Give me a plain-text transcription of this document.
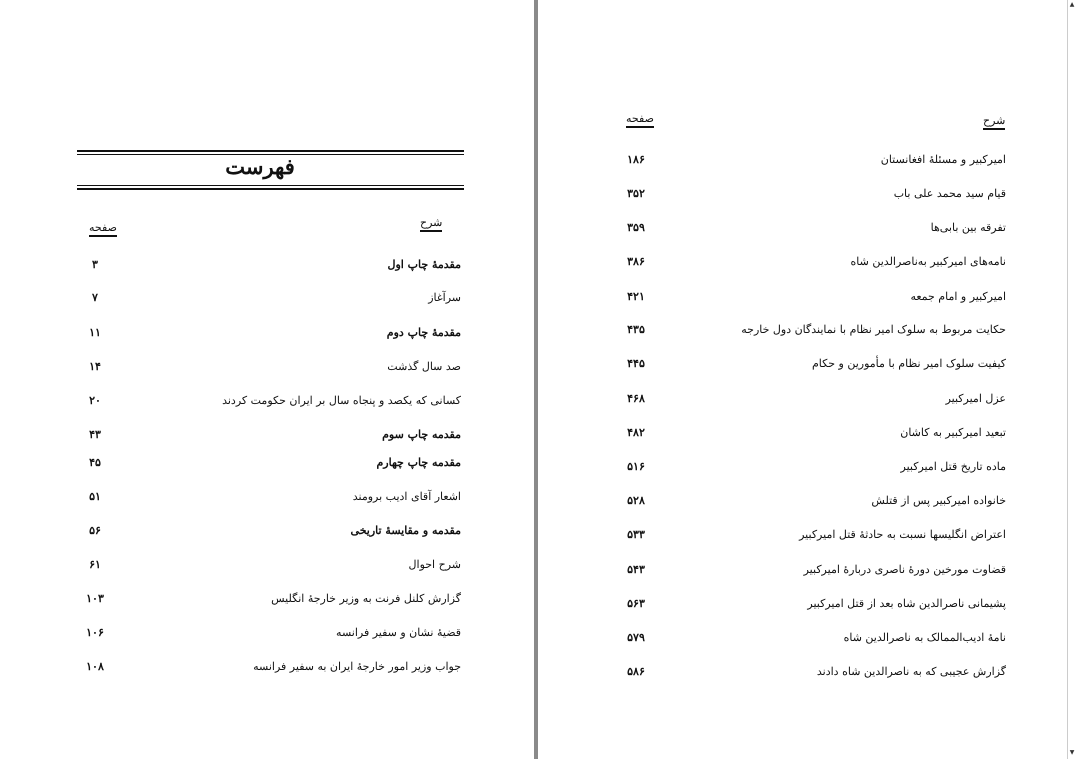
فهرست
شرح
صفحه
مقدمهٔ چاپ اول
۳
سرآغاز
۷
مقدمهٔ چاپ دوم
۱۱
صد سال گذشت
۱۴
کسانی که یکصد و پنجاه سال بر ایران حکومت کردند
۲۰
مقدمه چاپ سوم
۴۳
مقدمه چاپ چهارم
۴۵
اشعار آقای ادیب برومند
۵۱
مقدمه و مقایسهٔ تاریخی
۵۶
شرح احوال
۶۱
گزارش کلنل فرنت به وزیر خارجهٔ انگلیس
۱۰۳
قضیهٔ نشان و سفیر فرانسه
۱۰۶
جواب وزیر امور خارجهٔ ایران به سفیر فرانسه
۱۰۸
صفحه	شرح
امیرکبیر و مسئلهٔ افغانستان
۱۸۶
قیام سید محمد علی باب
۳۵۲
تفرقه بین بابی‌ها
۳۵۹
نامه‌های امیرکبیر به‌ناصرالدین شاه
۳۸۶
امیرکبیر و امام جمعه
۴۲۱
حکایت مربوط به سلوک امیر نظام با نمایندگان دول خارجه
۴۳۵
کیفیت سلوک امیر نظام با مأمورین و حکام
۴۴۵
عزل امیرکبیر
۴۶۸
تبعید امیرکبیر به کاشان
۴۸۲
ماده تاریخ قتل امیرکبیر
۵۱۶
خانواده امیرکبیر پس از قتلش
۵۲۸
اعتراض انگلیسها نسبت به حادثهٔ قتل امیرکبیر
۵۳۳
قضاوت مورخین دورهٔ ناصری دربارهٔ امیرکبیر
۵۴۳
پشیمانی ناصرالدین شاه بعد از قتل امیرکبیر
۵۶۳
نامهٔ ادیب‌الممالک به ناصرالدین شاه
۵۷۹
گزارش عجیبی که به ناصرالدین شاه دادند
۵۸۶
▲
▼
